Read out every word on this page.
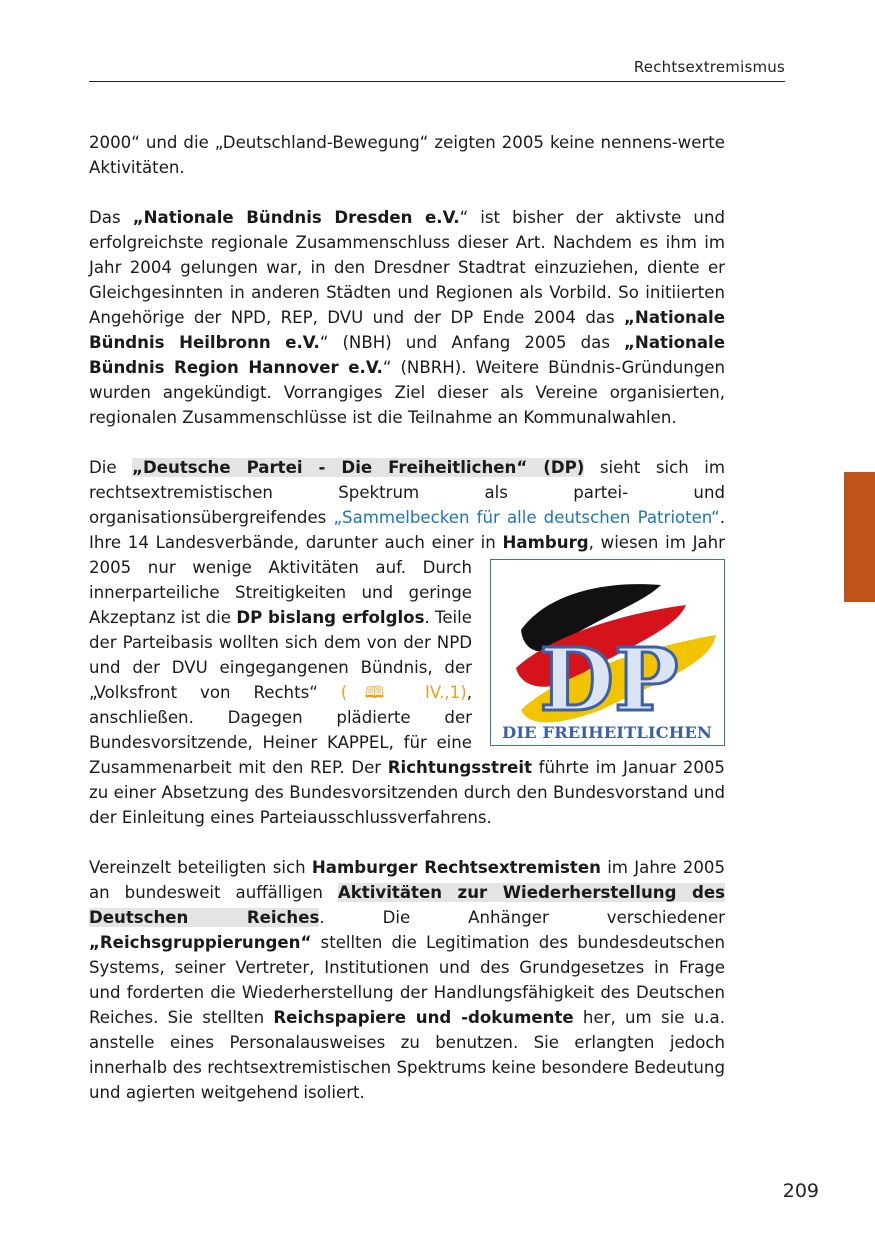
Rechtsextremismus

2000“ und die „Deutschland-Bewegung“ zeigten 2005 keine nennens-werte Aktivitäten.

Das „Nationale Bündnis Dresden e.V.“ ist bisher der aktivste und erfolgreichste regionale Zusammenschluss dieser Art. Nachdem es ihm im Jahr 2004 gelungen war, in den Dresdner Stadtrat einzuziehen, diente er Gleichgesinnten in anderen Städten und Regionen als Vorbild. So initiierten Angehörige der NPD, REP, DVU und der DP Ende 2004 das „Nationale Bündnis Heilbronn e.V.“ (NBH) und Anfang 2005 das „Nationale Bündnis Region Hannover e.V.“ (NBRH). Weitere Bündnis-Gründungen wurden angekündigt. Vorrangiges Ziel dieser als Vereine organisierten, regionalen Zusammenschlüsse ist die Teilnahme an Kommunalwahlen.

Die „Deutsche Partei - Die Freiheitlichen“ (DP) sieht sich im rechtsextremistischen Spektrum als partei- und organisationsübergreifendes „Sammelbecken für alle deutschen Patrioten“. Ihre 14 Landesverbände, darunter auch einer in
DP
DIE FREIHEITLICHEN
Hamburg, wiesen im Jahr 2005 nur wenige Aktivitäten auf. Durch innerparteiliche Streitigkeiten und geringe Akzeptanz ist die DP bislang erfolglos. Teile der Parteibasis wollten sich dem von der NPD und der DVU eingegangenen Bündnis, der „Volksfront von Rechts“ (🕮 IV.,1), anschließen. Dagegen plädierte der Bundesvorsitzende, Heiner KAPPEL, für eine Zusammenarbeit mit den REP. Der Richtungsstreit führte im Januar 2005 zu einer Absetzung des Bundesvorsitzenden durch den Bundesvorstand und der Einleitung eines Parteiausschlussverfahrens.

Vereinzelt beteiligten sich Hamburger Rechtsextremisten im Jahre 2005 an bundesweit auffälligen Aktivitäten zur Wiederherstellung des Deutschen Reiches. Die Anhänger verschiedener „Reichsgruppierungen“ stellten die Legitimation des bundesdeutschen Systems, seiner Vertreter, Institutionen und des Grundgesetzes in Frage und forderten die Wiederherstellung der Handlungsfähigkeit des Deutschen Reiches. Sie stellten Reichspapiere und -dokumente her, um sie u.a. anstelle eines Personalausweises zu benutzen. Sie erlangten jedoch innerhalb des rechtsextremistischen Spektrums keine besondere Bedeutung und agierten weitgehend isoliert.

209
